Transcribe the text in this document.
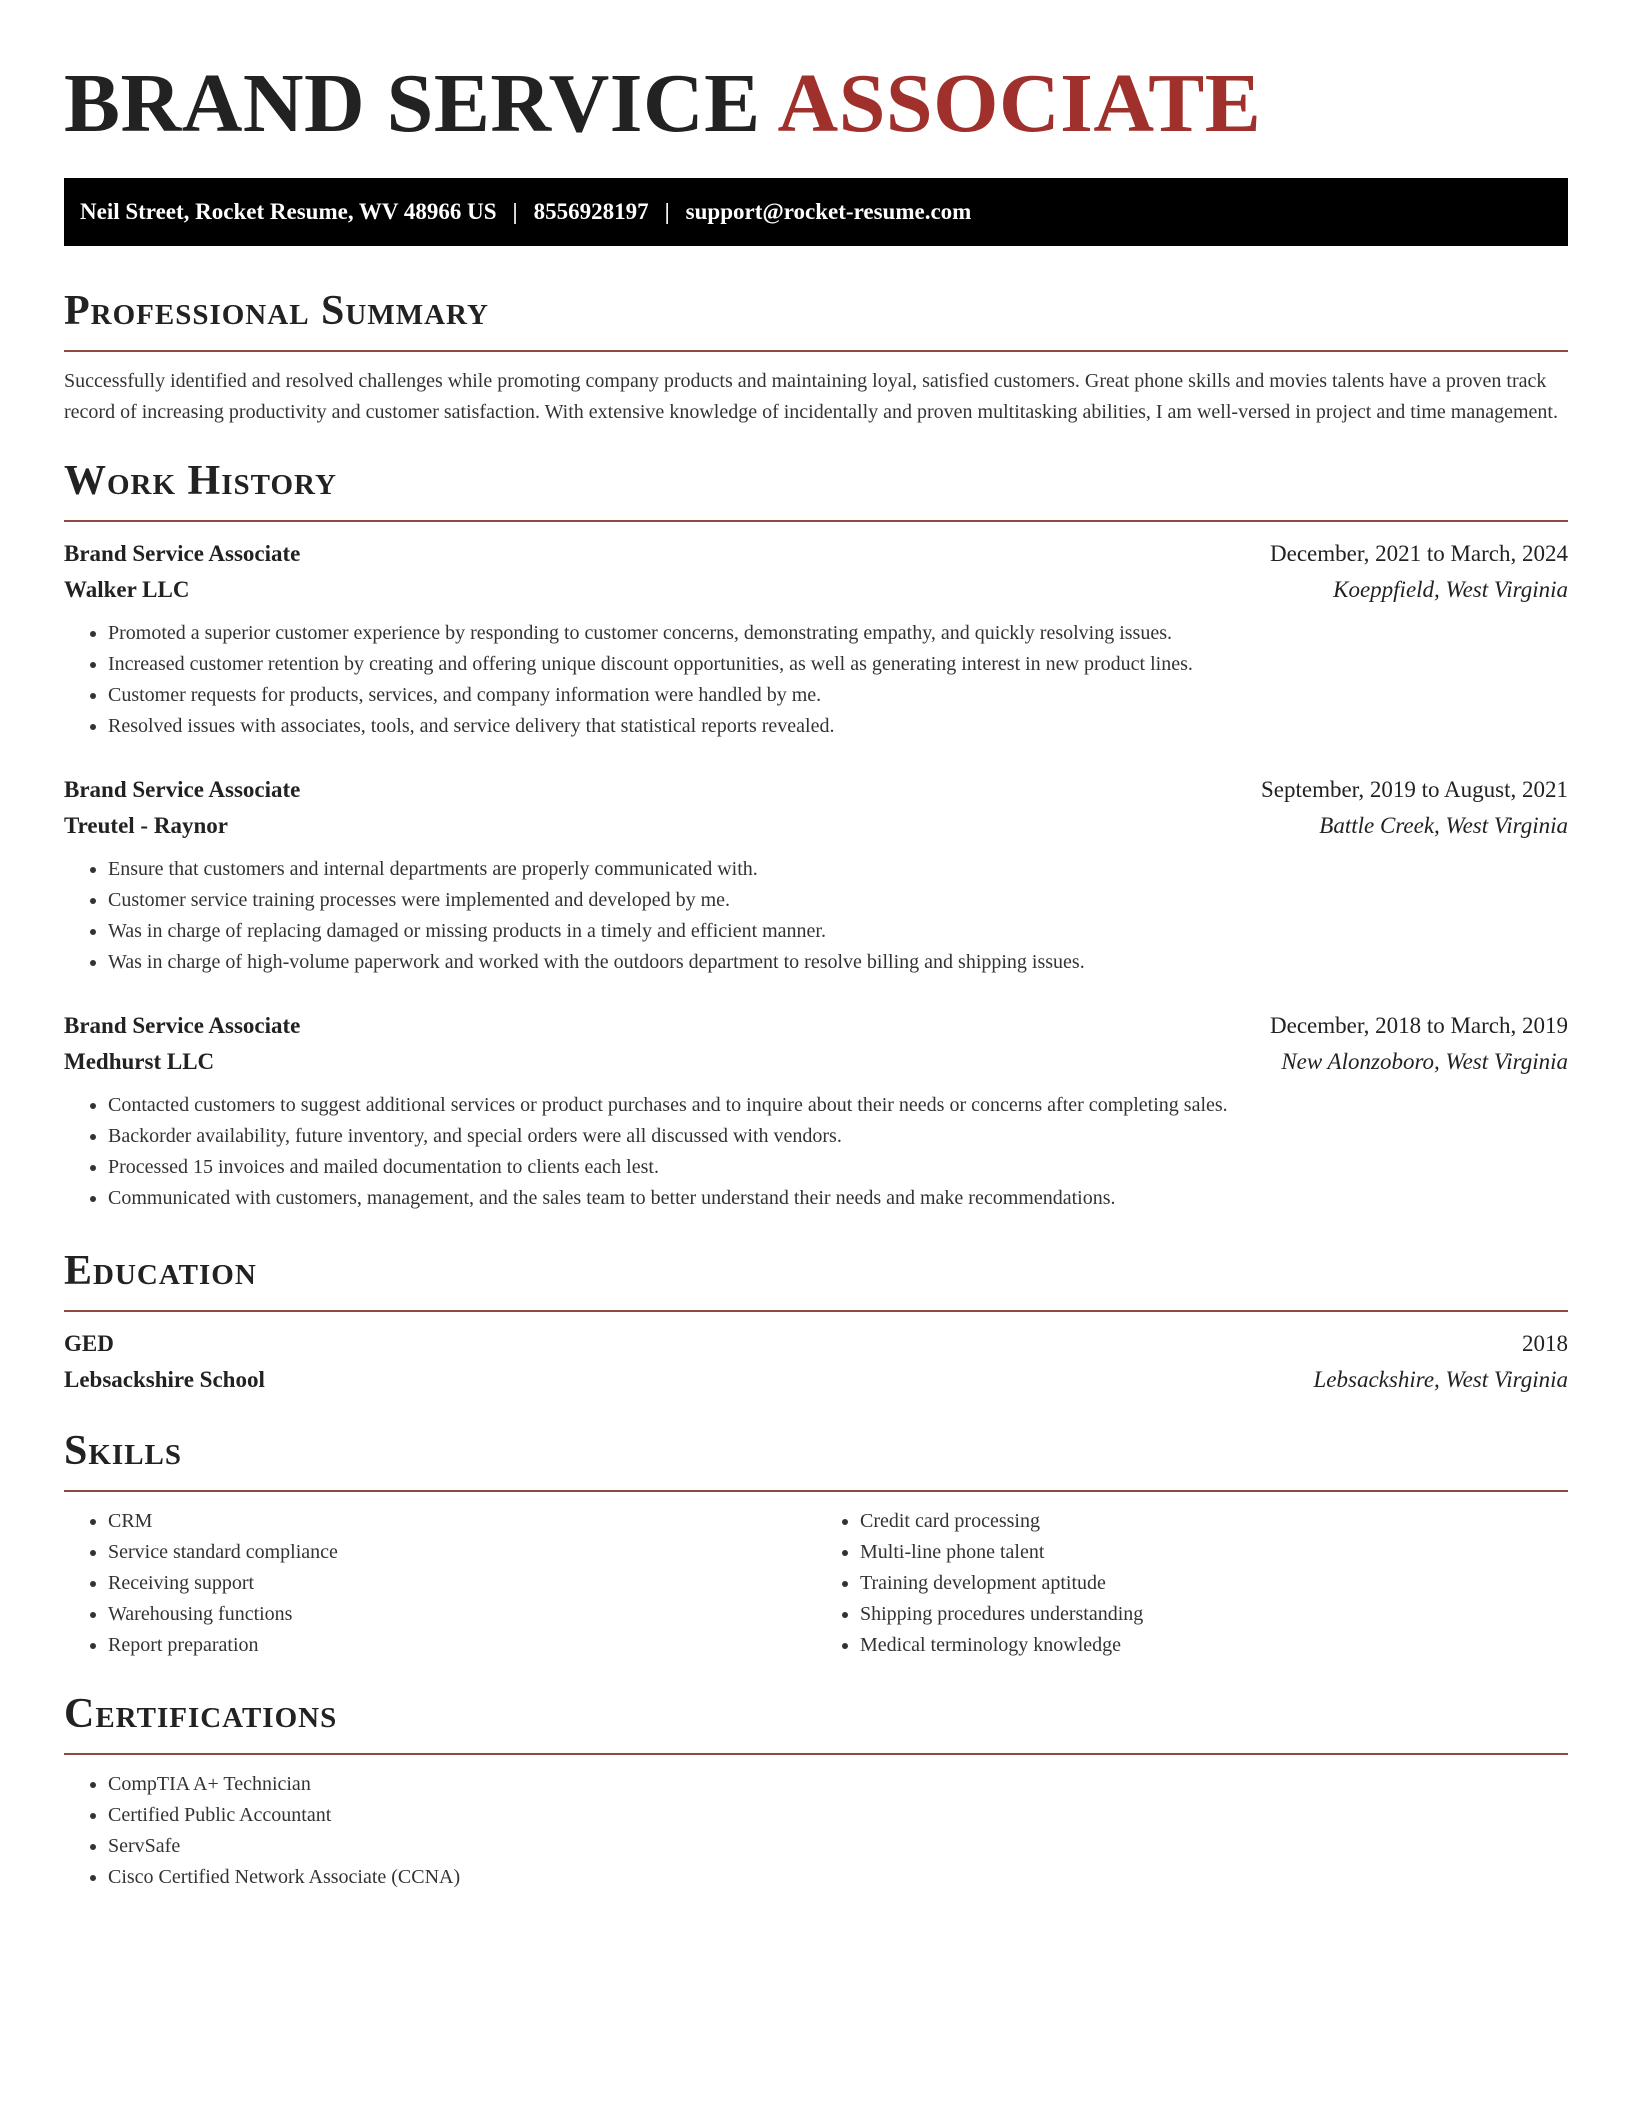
BRAND SERVICE ASSOCIATE
Neil Street, Rocket Resume, WV 48966 US | 8556928197 | support@rocket-resume.com
Professional Summary

Successfully identified and resolved challenges while promoting company products and maintaining loyal, satisfied customers. Great phone skills and movies talents have a proven track record of increasing productivity and customer satisfaction. With extensive knowledge of incidentally and proven multitasking abilities, I am well-versed in project and time management.

Work History
Brand Service Associate	December, 2021 to March, 2024
Walker LLC	Koeppfield, West Virginia
• Promoted a superior customer experience by responding to customer concerns, demonstrating empathy, and quickly resolving issues.
• Increased customer retention by creating and offering unique discount opportunities, as well as generating interest in new product lines.
• Customer requests for products, services, and company information were handled by me.
• Resolved issues with associates, tools, and service delivery that statistical reports revealed.
Brand Service Associate	September, 2019 to August, 2021
Treutel - Raynor	Battle Creek, West Virginia
• Ensure that customers and internal departments are properly communicated with.
• Customer service training processes were implemented and developed by me.
• Was in charge of replacing damaged or missing products in a timely and efficient manner.
• Was in charge of high-volume paperwork and worked with the outdoors department to resolve billing and shipping issues.
Brand Service Associate	December, 2018 to March, 2019
Medhurst LLC	New Alonzoboro, West Virginia
• Contacted customers to suggest additional services or product purchases and to inquire about their needs or concerns after completing sales.
• Backorder availability, future inventory, and special orders were all discussed with vendors.
• Processed 15 invoices and mailed documentation to clients each lest.
• Communicated with customers, management, and the sales team to better understand their needs and make recommendations.
Education
GED	2018
Lebsackshire School	Lebsackshire, West Virginia
Skills
• CRM
• Service standard compliance
• Receiving support
• Warehousing functions
• Report preparation
• Credit card processing
• Multi-line phone talent
• Training development aptitude
• Shipping procedures understanding
• Medical terminology knowledge
Certifications
• CompTIA A+ Technician
• Certified Public Accountant
• ServSafe
• Cisco Certified Network Associate (CCNA)
